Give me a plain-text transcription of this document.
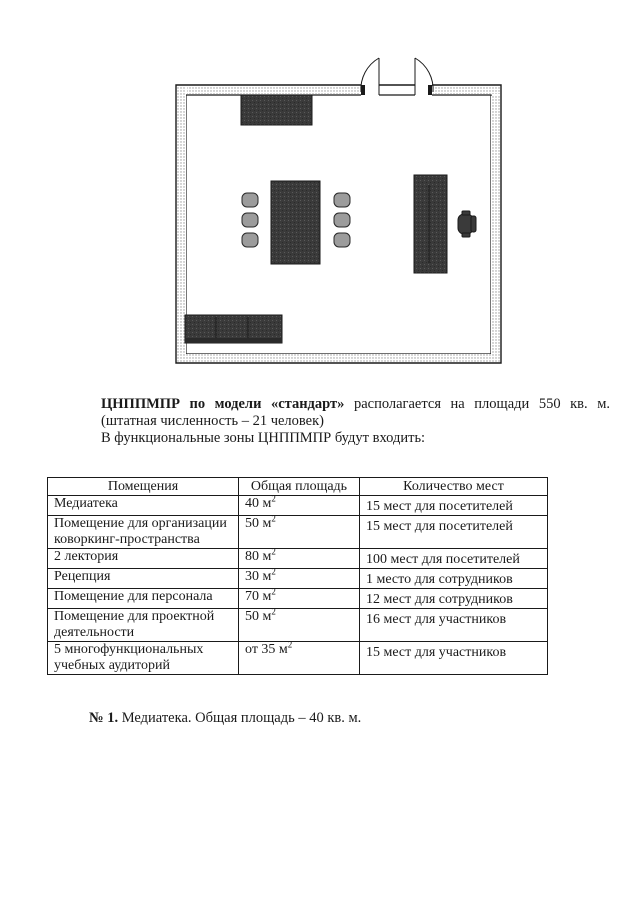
ЦНППМПР по модели «стандарт» располагается на площади 550 кв. м.

(штатная численность – 21 человек)

В функциональные зоны ЦНППМПР будут входить:

Помещения	Общая площадь	Количество мест
Медиатека	40 $м^2$	15 мест для посетителей
Помещение для организации коворкинг-пространства	50 $м^2$	15 мест для посетителей
2 лектория	80 $м^2$	100 мест для посетителей
Рецепция	30 $м^2$	1 место для сотрудников
Помещение для персонала	70 $м^2$	12 мест для сотрудников
Помещение для проектной деятельности	50 $м^2$	16 мест для участников
5 многофункциональных учебных аудиторий	от 35 $м^2$	15 мест для участников

№ 1. Медиатека. Общая площадь – 40 кв. м.
